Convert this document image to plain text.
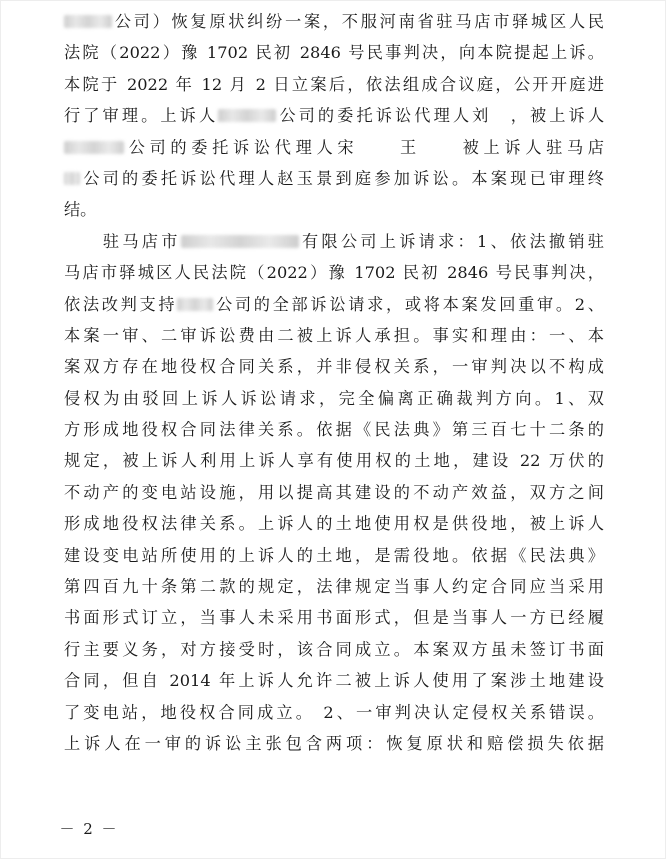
公司）恢复原状纠纷一案，不服河南省驻马店市驿城区人民
法院（2022）豫 1702 民初 2846 号民事判决，向本院提起上诉。
本院于 2022 年 12 月 2 日立案后，依法组成合议庭，公开开庭进
行了审理。上诉人	公司的委托诉讼代理人刘　，被上诉人
公司的委托诉讼代理人宋　　王　　被上诉人驻马店
公司的委托诉讼代理人赵玉景到庭参加诉讼。本案现已审理终
结。
　　驻马店市	有限公司上诉请求：1、依法撤销驻
马店市驿城区人民法院（2022）豫 1702 民初 2846 号民事判决，
依法改判支持 公司的全部诉讼请求，或将本案发回重审。2、
本案一审、二审诉讼费由二被上诉人承担。事实和理由：一、本
案双方存在地役权合同关系，并非侵权关系，一审判决以不构成
侵权为由驳回上诉人诉讼请求，完全偏离正确裁判方向。1、双
方形成地役权合同法律关系。依据《民法典》第三百七十二条的
规定，被上诉人利用上诉人享有使用权的土地，建设 22 万伏的
不动产的变电站设施，用以提高其建设的不动产效益，双方之间
形成地役权法律关系。上诉人的土地使用权是供役地，被上诉人
建设变电站所使用的上诉人的土地，是需役地。依据《民法典》
第四百九十条第二款的规定，法律规定当事人约定合同应当采用
书面形式订立，当事人未采用书面形式，但是当事人一方已经履
行主要义务，对方接受时，该合同成立。本案双方虽未签订书面
合同，但自 2014 年上诉人允许二被上诉人使用了案涉土地建设
了变电站，地役权合同成立。 2、一审判决认定侵权关系错误。
上诉人在一审的诉讼主张包含两项：恢复原状和赔偿损失依据
－ 2 －
